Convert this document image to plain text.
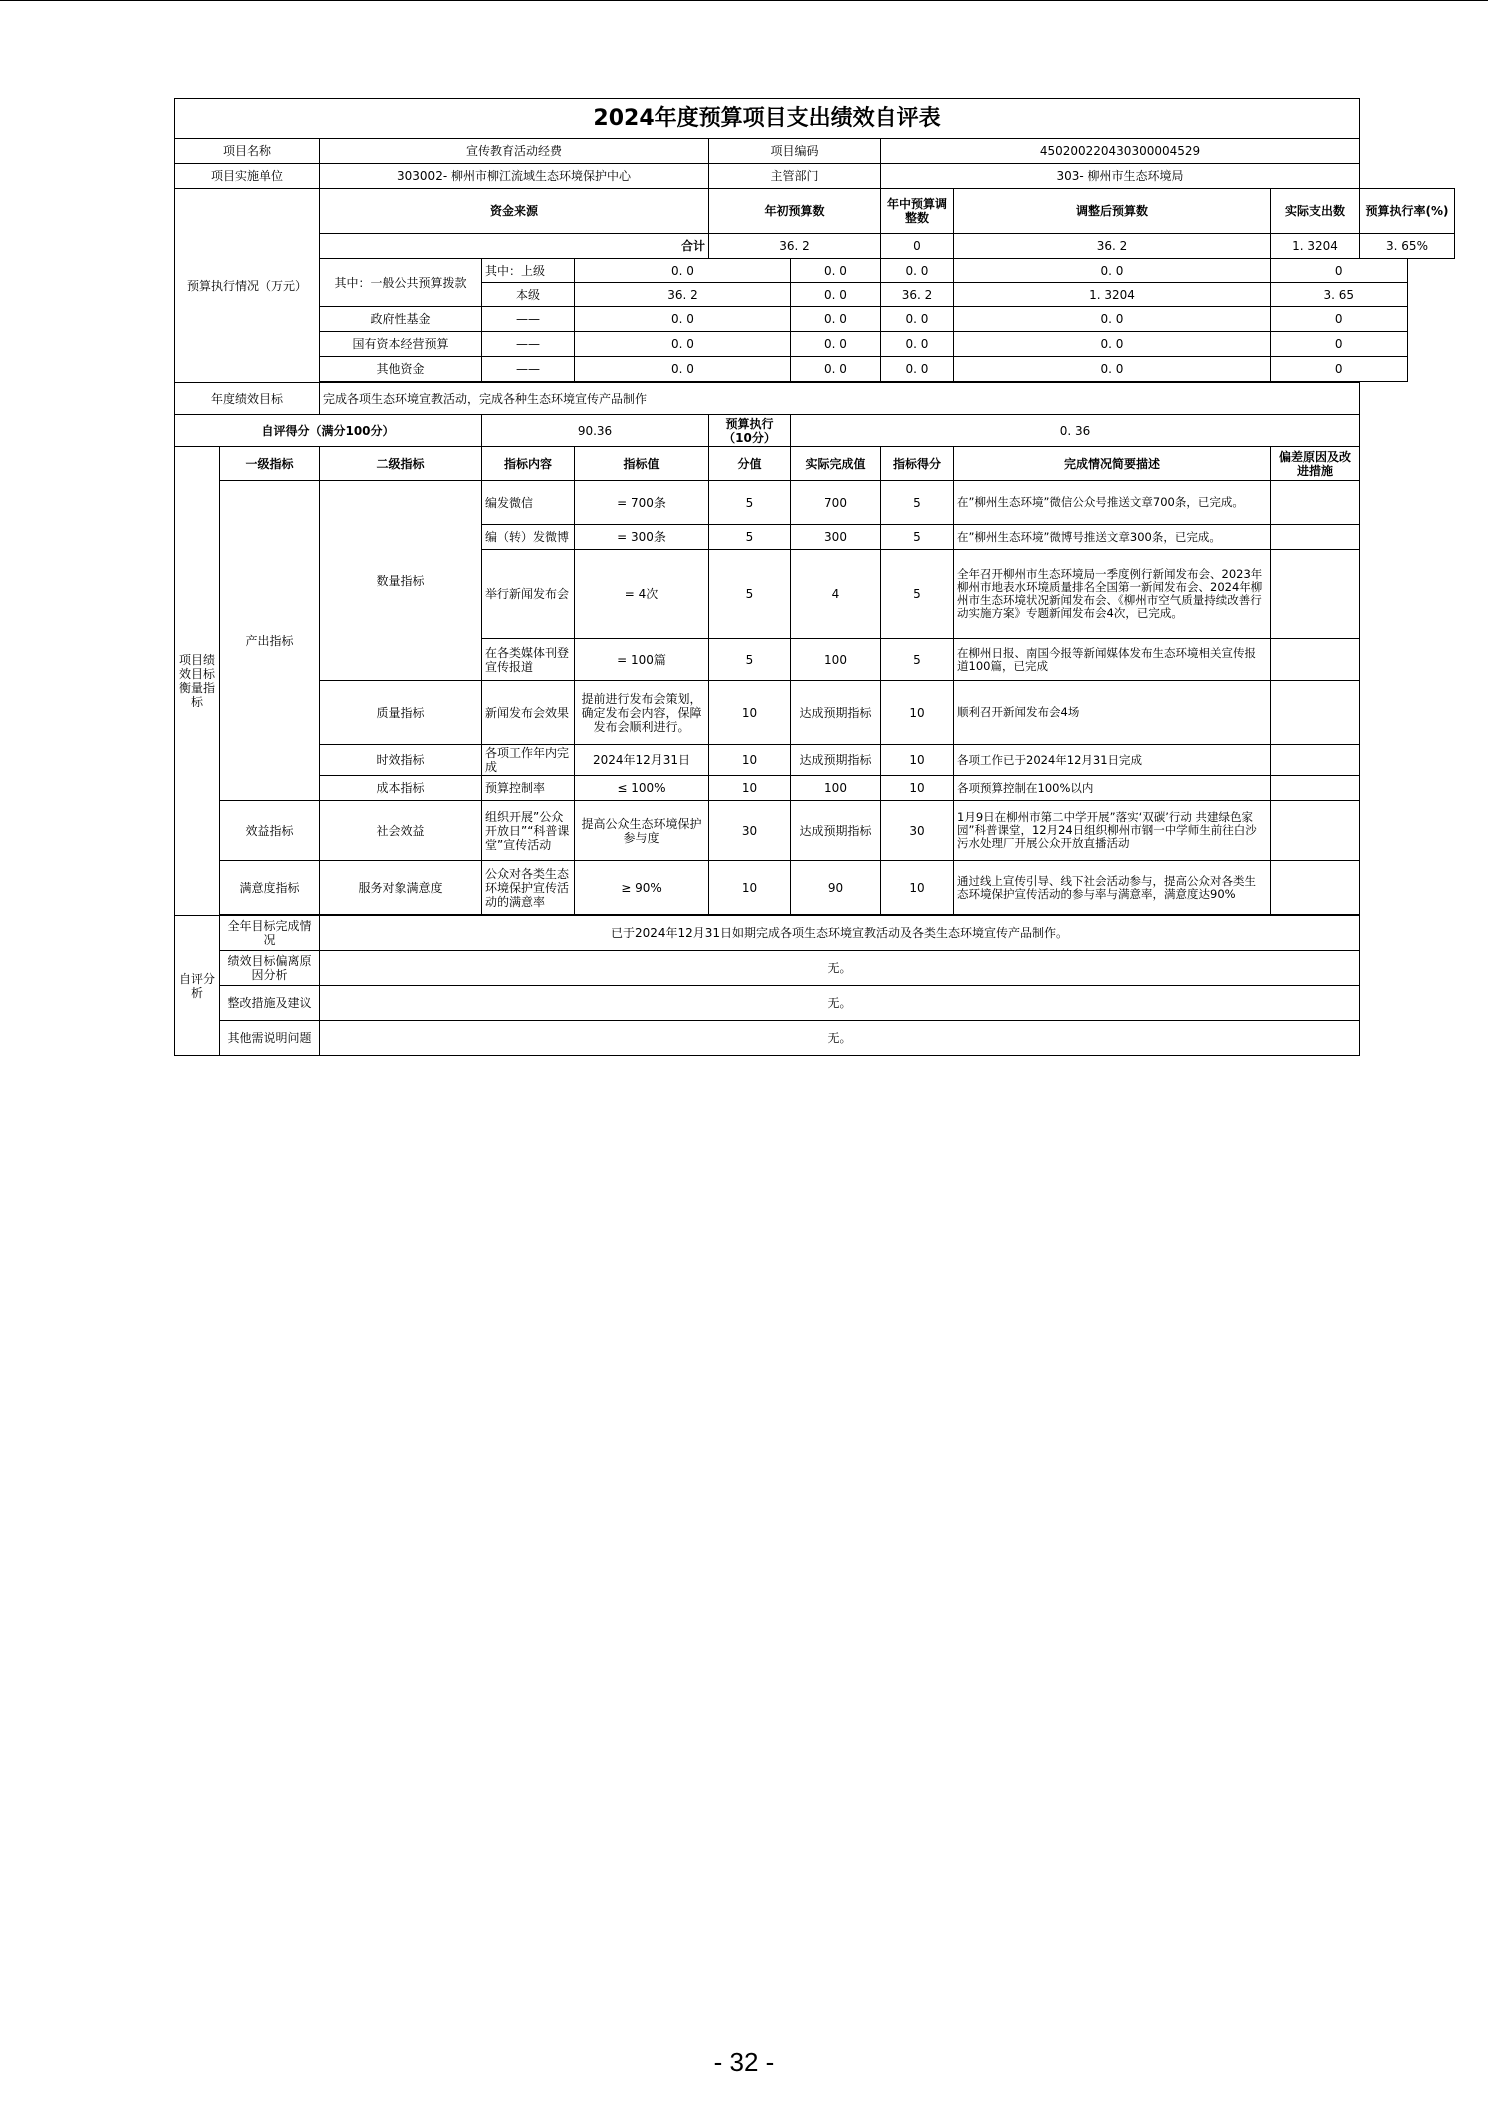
2024年度预算项目支出绩效自评表										
项目名称		宣传教育活动经费			项目编码		450200220430300004529			
项目实施单位		303002- 柳州市柳江流域生态环境保护中心			主管部门		303- 柳州市生态环境局			
预算执行情况（万元）		资金来源			年初预算数		年中预算调整数	调整后预算数	实际支出数	预算执行率(%)
		合计			36. 2		0	36. 2	1. 3204	3. 65%
		其中：一般公共预算拨款	其中：上级	0. 0		0. 0	0. 0	0. 0	0	
			本级	36. 2		0. 0	36. 2	1. 3204	3. 65	
		政府性基金	——	0. 0		0. 0	0. 0	0. 0	0	
		国有资本经营预算	——	0. 0		0. 0	0. 0	0. 0	0	
		其他资金	——	0. 0		0. 0	0. 0	0. 0	0	

年度绩效目标		完成各项生态环境宣教活动，完成各种生态环境宣传产品制作								
自评得分（满分100分）			90.36		预算执行（10分）	0. 36				
项目绩效目标衡量指标	一级指标	二级指标	指标内容	指标值	分值	实际完成值	指标得分	完成情况简要描述	偏差原因及改进措施	
	产出指标	数量指标	编发微信	= 700条	5	700	5	在”柳州生态环境”微信公众号推送文章700条，已完成。		
			编（转）发微博	= 300条	5	300	5	在”柳州生态环境”微博号推送文章300条，已完成。		
			举行新闻发布会	= 4次	5	4	5	全年召开柳州市生态环境局一季度例行新闻发布会、2023年柳州市地表水环境质量排名全国第一新闻发布会、2024年柳州市生态环境状况新闻发布会、《柳州市空气质量持续改善行动实施方案》专题新闻发布会4次，已完成。		
			在各类媒体刊登宣传报道	= 100篇	5	100	5	在柳州日报、南国今报等新闻媒体发布生态环境相关宣传报道100篇，已完成		
		质量指标	新闻发布会效果	提前进行发布会策划，确定发布会内容，保障发布会顺利进行。	10	达成预期指标	10	顺利召开新闻发布会4场		
		时效指标	各项工作年内完成	2024年12月31日	10	达成预期指标	10	各项工作已于2024年12月31日完成		
		成本指标	预算控制率	≤ 100%	10	100	10	各项预算控制在100%以内		
	效益指标	社会效益	组织开展”公众开放日”“科普课堂”宣传活动	提高公众生态环境保护参与度	30	达成预期指标	30	1月9日在柳州市第二中学开展”落实‘双碳’行动 共建绿色家园”科普课堂，12月24日组织柳州市钢一中学师生前往白沙污水处理厂开展公众开放直播活动		
	满意度指标	服务对象满意度	公众对各类生态环境保护宣传活动的满意率	≥ 90%	10	90	10	通过线上宣传引导、线下社会活动参与，提高公众对各类生态环境保护宣传活动的参与率与满意率，满意度达90%		

自评分析	全年目标完成情况	已于2024年12月31日如期完成各项生态环境宣教活动及各类生态环境宣传产品制作。								
	绩效目标偏离原因分析	无。								
	整改措施及建议	无。								
	其他需说明问题	无。								
- 32 -
